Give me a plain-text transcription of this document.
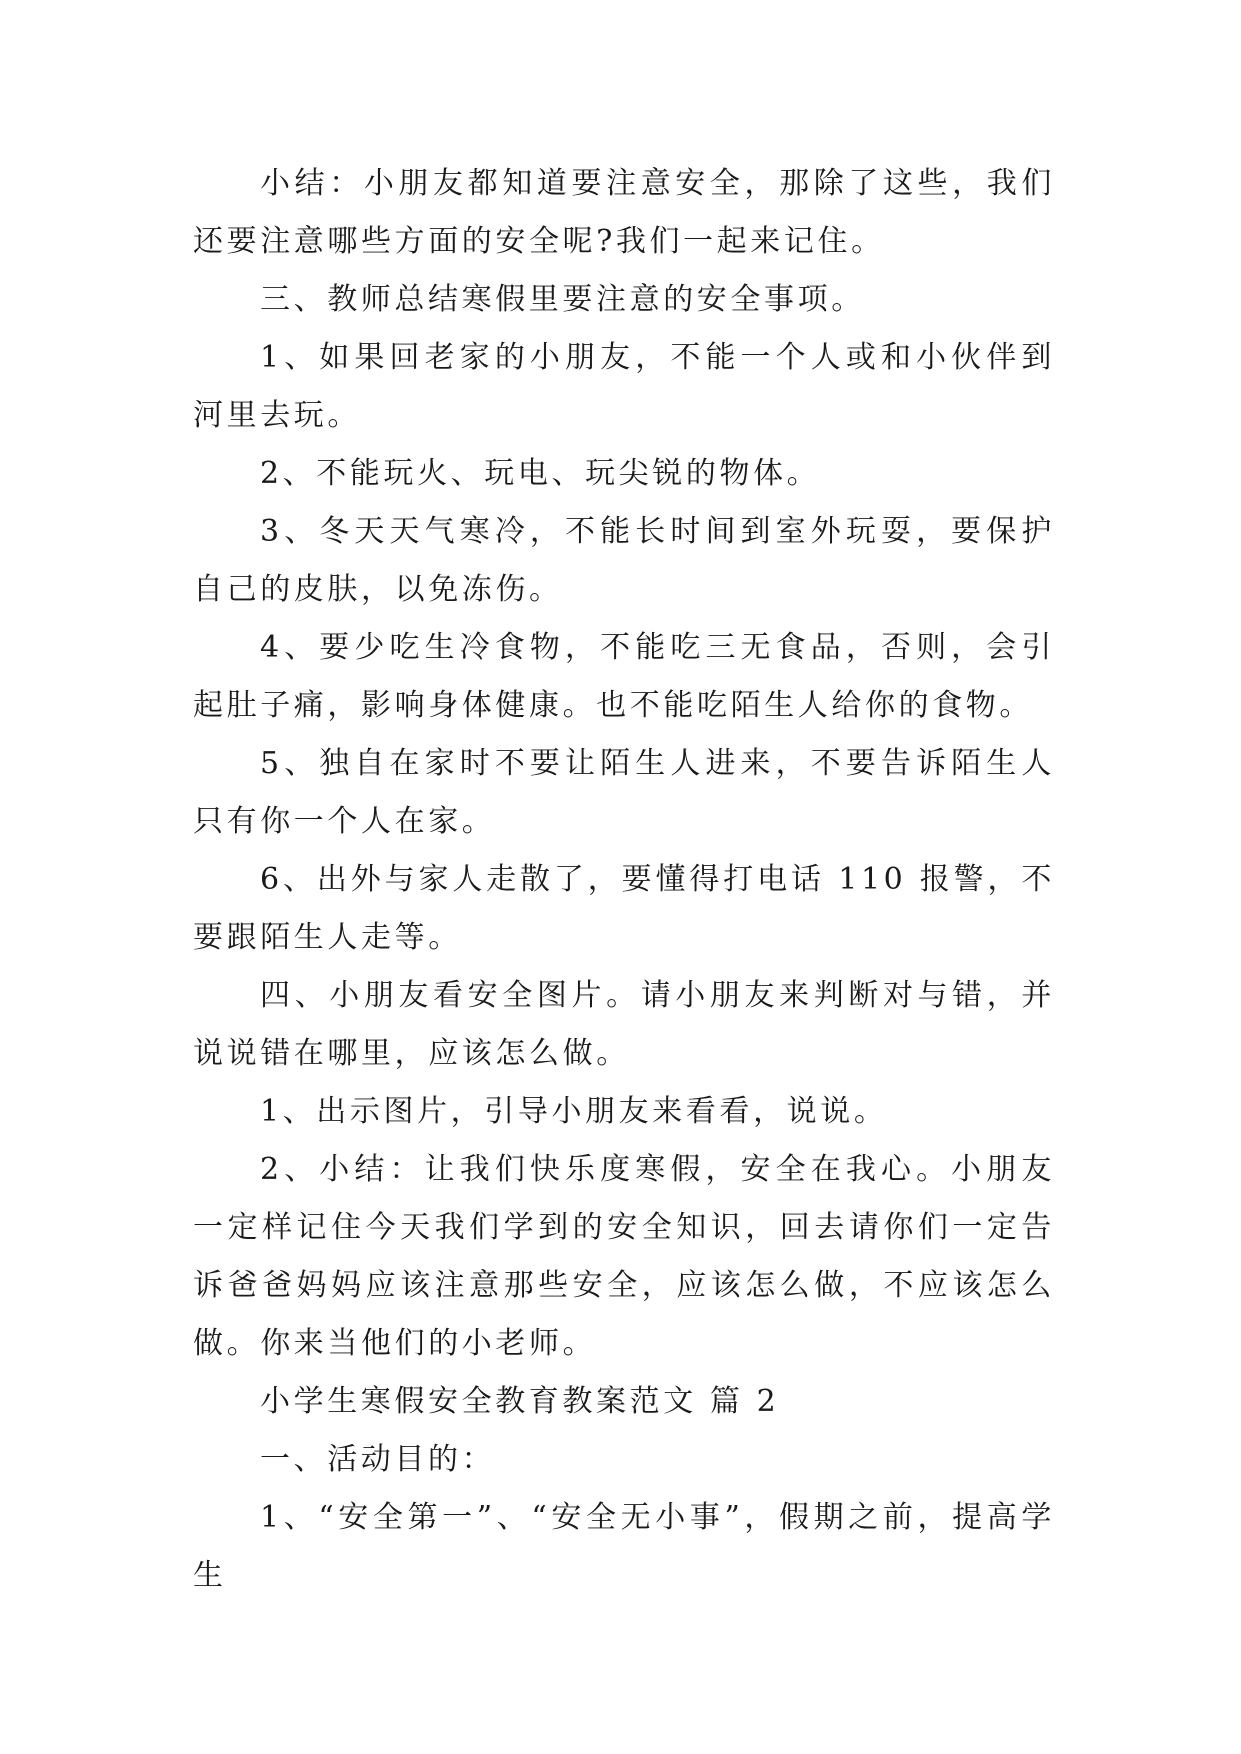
小结：小朋友都知道要注意安全，那除了这些，我们还要注意哪些方面的安全呢?我们一起来记住。

三、教师总结寒假里要注意的安全事项。

1、如果回老家的小朋友，不能一个人或和小伙伴到河里去玩。

2、不能玩火、玩电、玩尖锐的物体。

3、冬天天气寒冷，不能长时间到室外玩耍，要保护自己的皮肤，以免冻伤。

4、要少吃生冷食物，不能吃三无食品，否则，会引起肚子痛，影响身体健康。也不能吃陌生人给你的食物。

5、独自在家时不要让陌生人进来，不要告诉陌生人只有你一个人在家。

6、出外与家人走散了，要懂得打电话 110 报警，不要跟陌生人走等。

四、小朋友看安全图片。请小朋友来判断对与错，并说说错在哪里，应该怎么做。

1、出示图片，引导小朋友来看看，说说。

2、小结：让我们快乐度寒假，安全在我心。小朋友一定样记住今天我们学到的安全知识，回去请你们一定告诉爸爸妈妈应该注意那些安全，应该怎么做，不应该怎么做。你来当他们的小老师。

小学生寒假安全教育教案范文 篇 2

一、活动目的：

1、“安全第一”、“安全无小事”，假期之前，提高学生
